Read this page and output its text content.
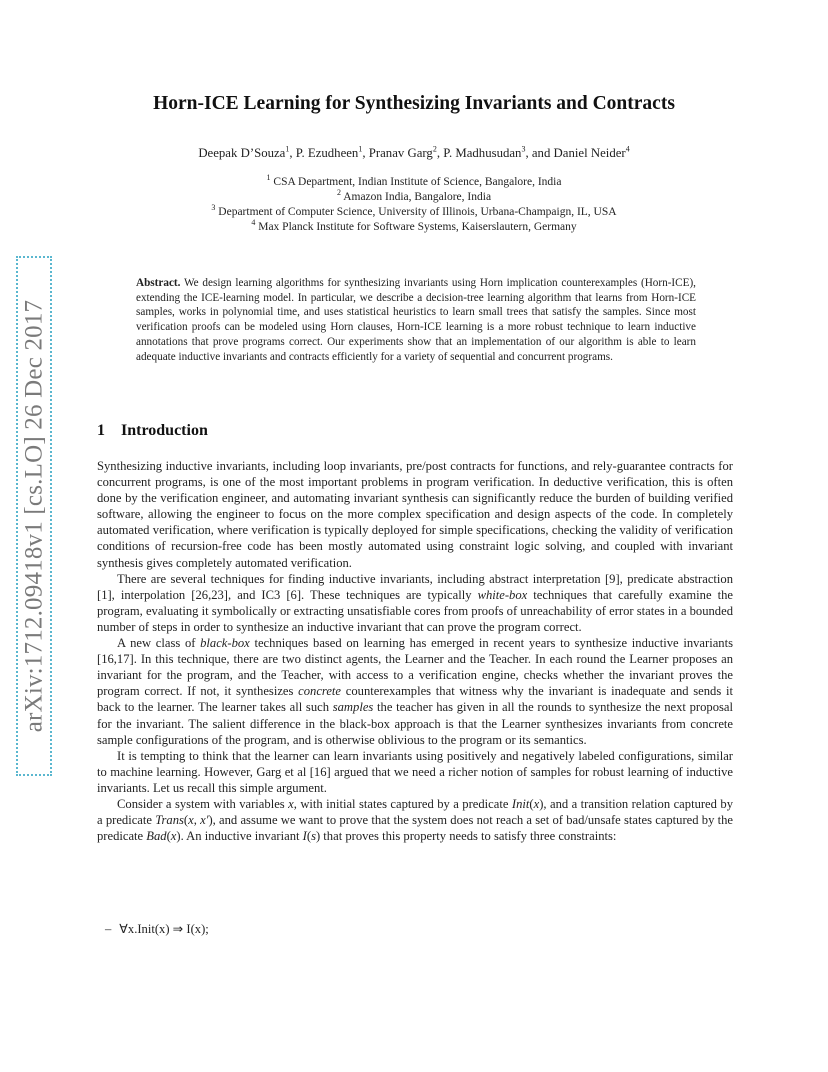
arXiv:1712.09418v1 [cs.LO] 26 Dec 2017
Horn-ICE Learning for Synthesizing Invariants and Contracts
Deepak D’Souza$^1$, P. Ezudheen$^1$, Pranav Garg$^2$, P. Madhusudan$^3$, and Daniel Neider$^4$
$^1$ CSA Department, Indian Institute of Science, Bangalore, India
$^2$ Amazon India, Bangalore, India
$^3$ Department of Computer Science, University of Illinois, Urbana-Champaign, IL, USA
$^4$ Max Planck Institute for Software Systems, Kaiserslautern, Germany
Abstract. We design learning algorithms for synthesizing invariants using Horn implication counterexamples (Horn-ICE), extending the ICE-learning model. In particular, we describe a decision-tree learning algorithm that learns from Horn-ICE samples, works in polynomial time, and uses statistical heuristics to learn small trees that satisfy the samples. Since most verification proofs can be modeled using Horn clauses, Horn-ICE learning is a more robust technique to learn inductive annotations that prove programs correct. Our experiments show that an implementation of our algorithm is able to learn adequate inductive invariants and contracts efficiently for a variety of sequential and concurrent programs.
1 Introduction

Synthesizing inductive invariants, including loop invariants, pre/post contracts for functions, and rely-guarantee contracts for concurrent programs, is one of the most important problems in program verification. In deductive verification, this is often done by the verification engineer, and automating invariant synthesis can significantly reduce the burden of building verified software, allowing the engineer to focus on the more complex specification and design aspects of the code. In completely automated verification, where verification is typically deployed for simple specifications, checking the validity of verification conditions of recursion-free code has been mostly automated using constraint logic solving, and coupled with invariant synthesis gives completely automated verification.

There are several techniques for finding inductive invariants, including abstract interpretation [9], predicate abstraction [1], interpolation [26,23], and IC3 [6]. These techniques are typically white-box techniques that carefully examine the program, evaluating it symbolically or extracting unsatisfiable cores from proofs of unreachability of error states in a bounded number of steps in order to synthesize an inductive invariant that can prove the program correct.

A new class of black-box techniques based on learning has emerged in recent years to synthesize inductive invariants [16,17]. In this technique, there are two distinct agents, the Learner and the Teacher. In each round the Learner proposes an invariant for the program, and the Teacher, with access to a verification engine, checks whether the invariant proves the program correct. If not, it synthesizes concrete counterexamples that witness why the invariant is inadequate and sends it back to the learner. The learner takes all such samples the teacher has given in all the rounds to synthesize the next proposal for the invariant. The salient difference in the black-box approach is that the Learner synthesizes invariants from concrete sample configurations of the program, and is otherwise oblivious to the program or its semantics.

It is tempting to think that the learner can learn invariants using positively and negatively labeled configurations, similar to machine learning. However, Garg et al [16] argued that we need a richer notion of samples for robust learning of inductive invariants. Let us recall this simple argument.

Consider a system with variables x, with initial states captured by a predicate Init(x), and a transition relation captured by a predicate Trans(x, x′), and assume we want to prove that the system does not reach a set of bad/unsafe states captured by the predicate Bad(x). An inductive invariant I(s) that proves this property needs to satisfy three constraints:

– ∀x.Init(x) ⇒ I(x);
